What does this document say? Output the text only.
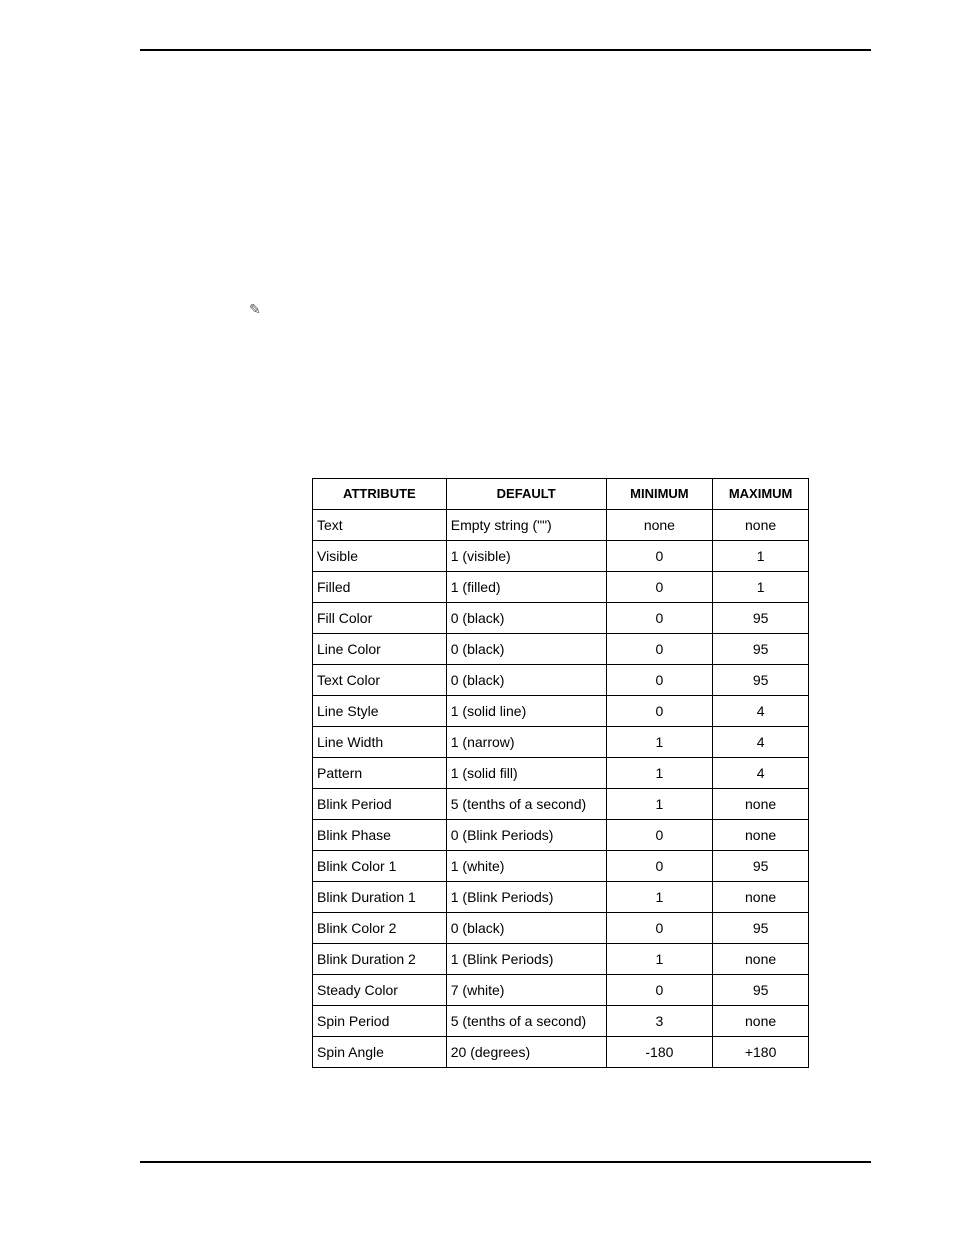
✎
ATTRIBUTE	DEFAULT	MINIMUM	MAXIMUM
Text	Empty string ("")	none	none
Visible	1 (visible)	0	1
Filled	1 (filled)	0	1
Fill Color	0 (black)	0	95
Line Color	0 (black)	0	95
Text Color	0 (black)	0	95
Line Style	1 (solid line)	0	4
Line Width	1 (narrow)	1	4
Pattern	1 (solid fill)	1	4
Blink Period	5 (tenths of a second)	1	none
Blink Phase	0 (Blink Periods)	0	none
Blink Color 1	1 (white)	0	95
Blink Duration 1	1 (Blink Periods)	1	none
Blink Color 2	0 (black)	0	95
Blink Duration 2	1 (Blink Periods)	1	none
Steady Color	7 (white)	0	95
Spin Period	5 (tenths of a second)	3	none
Spin Angle	20 (degrees)	-180	+180
